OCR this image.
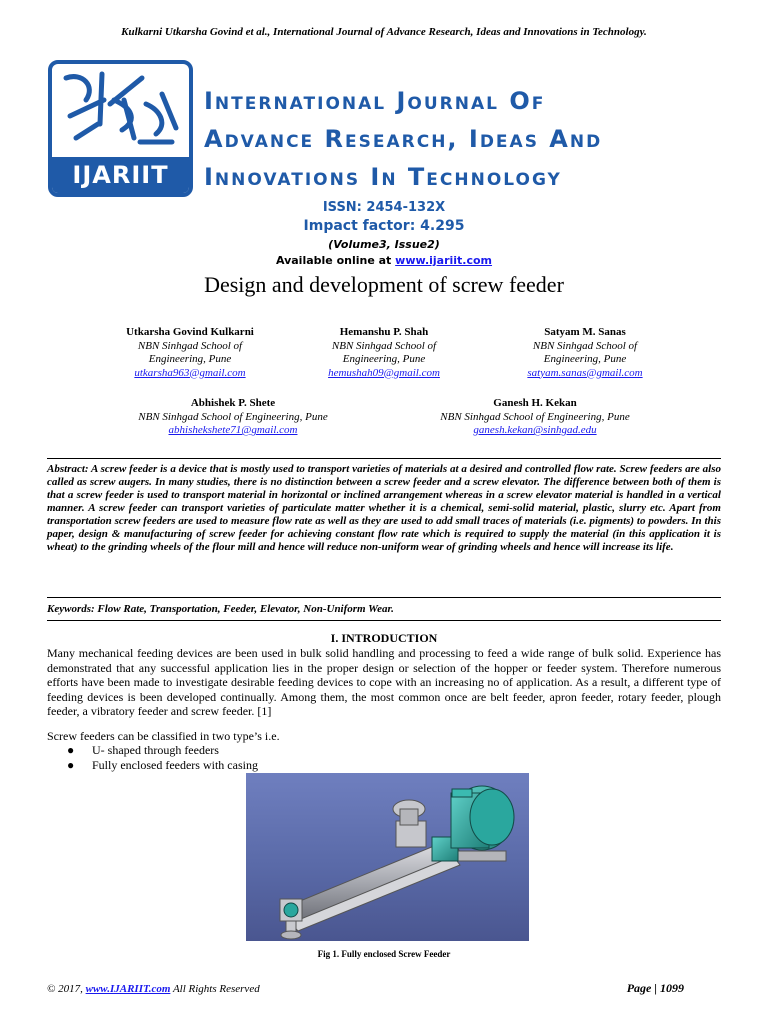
Kulkarni Utkarsha Govind et al., International Journal of Advance Research, Ideas and Innovations in Technology.
IJARIIT
International Journal Of
Advance Research, Ideas And
Innovations In Technology
ISSN: 2454-132X
Impact factor: 4.295
(Volume3, Issue2)
Available online at www.ijariit.com
Design and development of screw feeder
Utkarsha Govind Kulkarni
NBN Sinhgad School of
Engineering, Pune
utkarsha963@gmail.com
Hemanshu P. Shah
NBN Sinhgad School of
Engineering, Pune
hemushah09@gmail.com
Satyam M. Sanas
NBN Sinhgad School of
Engineering, Pune
satyam.sanas@gmail.com
Abhishek P. Shete
NBN Sinhgad School of Engineering, Pune
abhishekshete71@gmail.com
Ganesh H. Kekan
NBN Sinhgad School of Engineering, Pune
ganesh.kekan@sinhgad.edu
Abstract: A screw feeder is a device that is mostly used to transport varieties of materials at a desired and controlled flow rate. Screw feeders are also called as screw augers. In many studies, there is no distinction between a screw feeder and a screw elevator. The difference between both of them is that a screw feeder is used to transport material in horizontal or inclined arrangement whereas in a screw elevator material is handled in a vertical manner. A screw feeder can transport varieties of particulate matter whether it is a chemical, semi-solid material, plastic, slurry etc. Apart from transportation screw feeders are used to measure flow rate as well as they are used to add small traces of materials (i.e. pigments) to powders. In this paper, design & manufacturing of screw feeder for achieving constant flow rate which is required to supply the material (in this application it is wheat) to the grinding wheels of the flour mill and hence will reduce non-uniform wear of grinding wheels and hence will increase its life.
Keywords: Flow Rate, Transportation, Feeder, Elevator, Non-Uniform Wear.
I. INTRODUCTION
Many mechanical feeding devices are been used in bulk solid handling and processing to feed a wide range of bulk solid. Experience has demonstrated that any successful application lies in the proper design or selection of the hopper or feeder system. Therefore numerous efforts have been made to investigate desirable feeding devices to cope with an increasing no of application. As a result, a different type of feeding devices is been developed continually. Among them, the most common once are belt feeder, apron feeder, rotary feeder, plough feeder, a vibratory feeder and screw feeder. [1]
Screw feeders can be classified in two type’s i.e.
● U- shaped through feeders
● Fully enclosed feeders with casing
Fig 1. Fully enclosed Screw Feeder
© 2017, www.IJARIIT.com All Rights Reserved	Page | 1099
